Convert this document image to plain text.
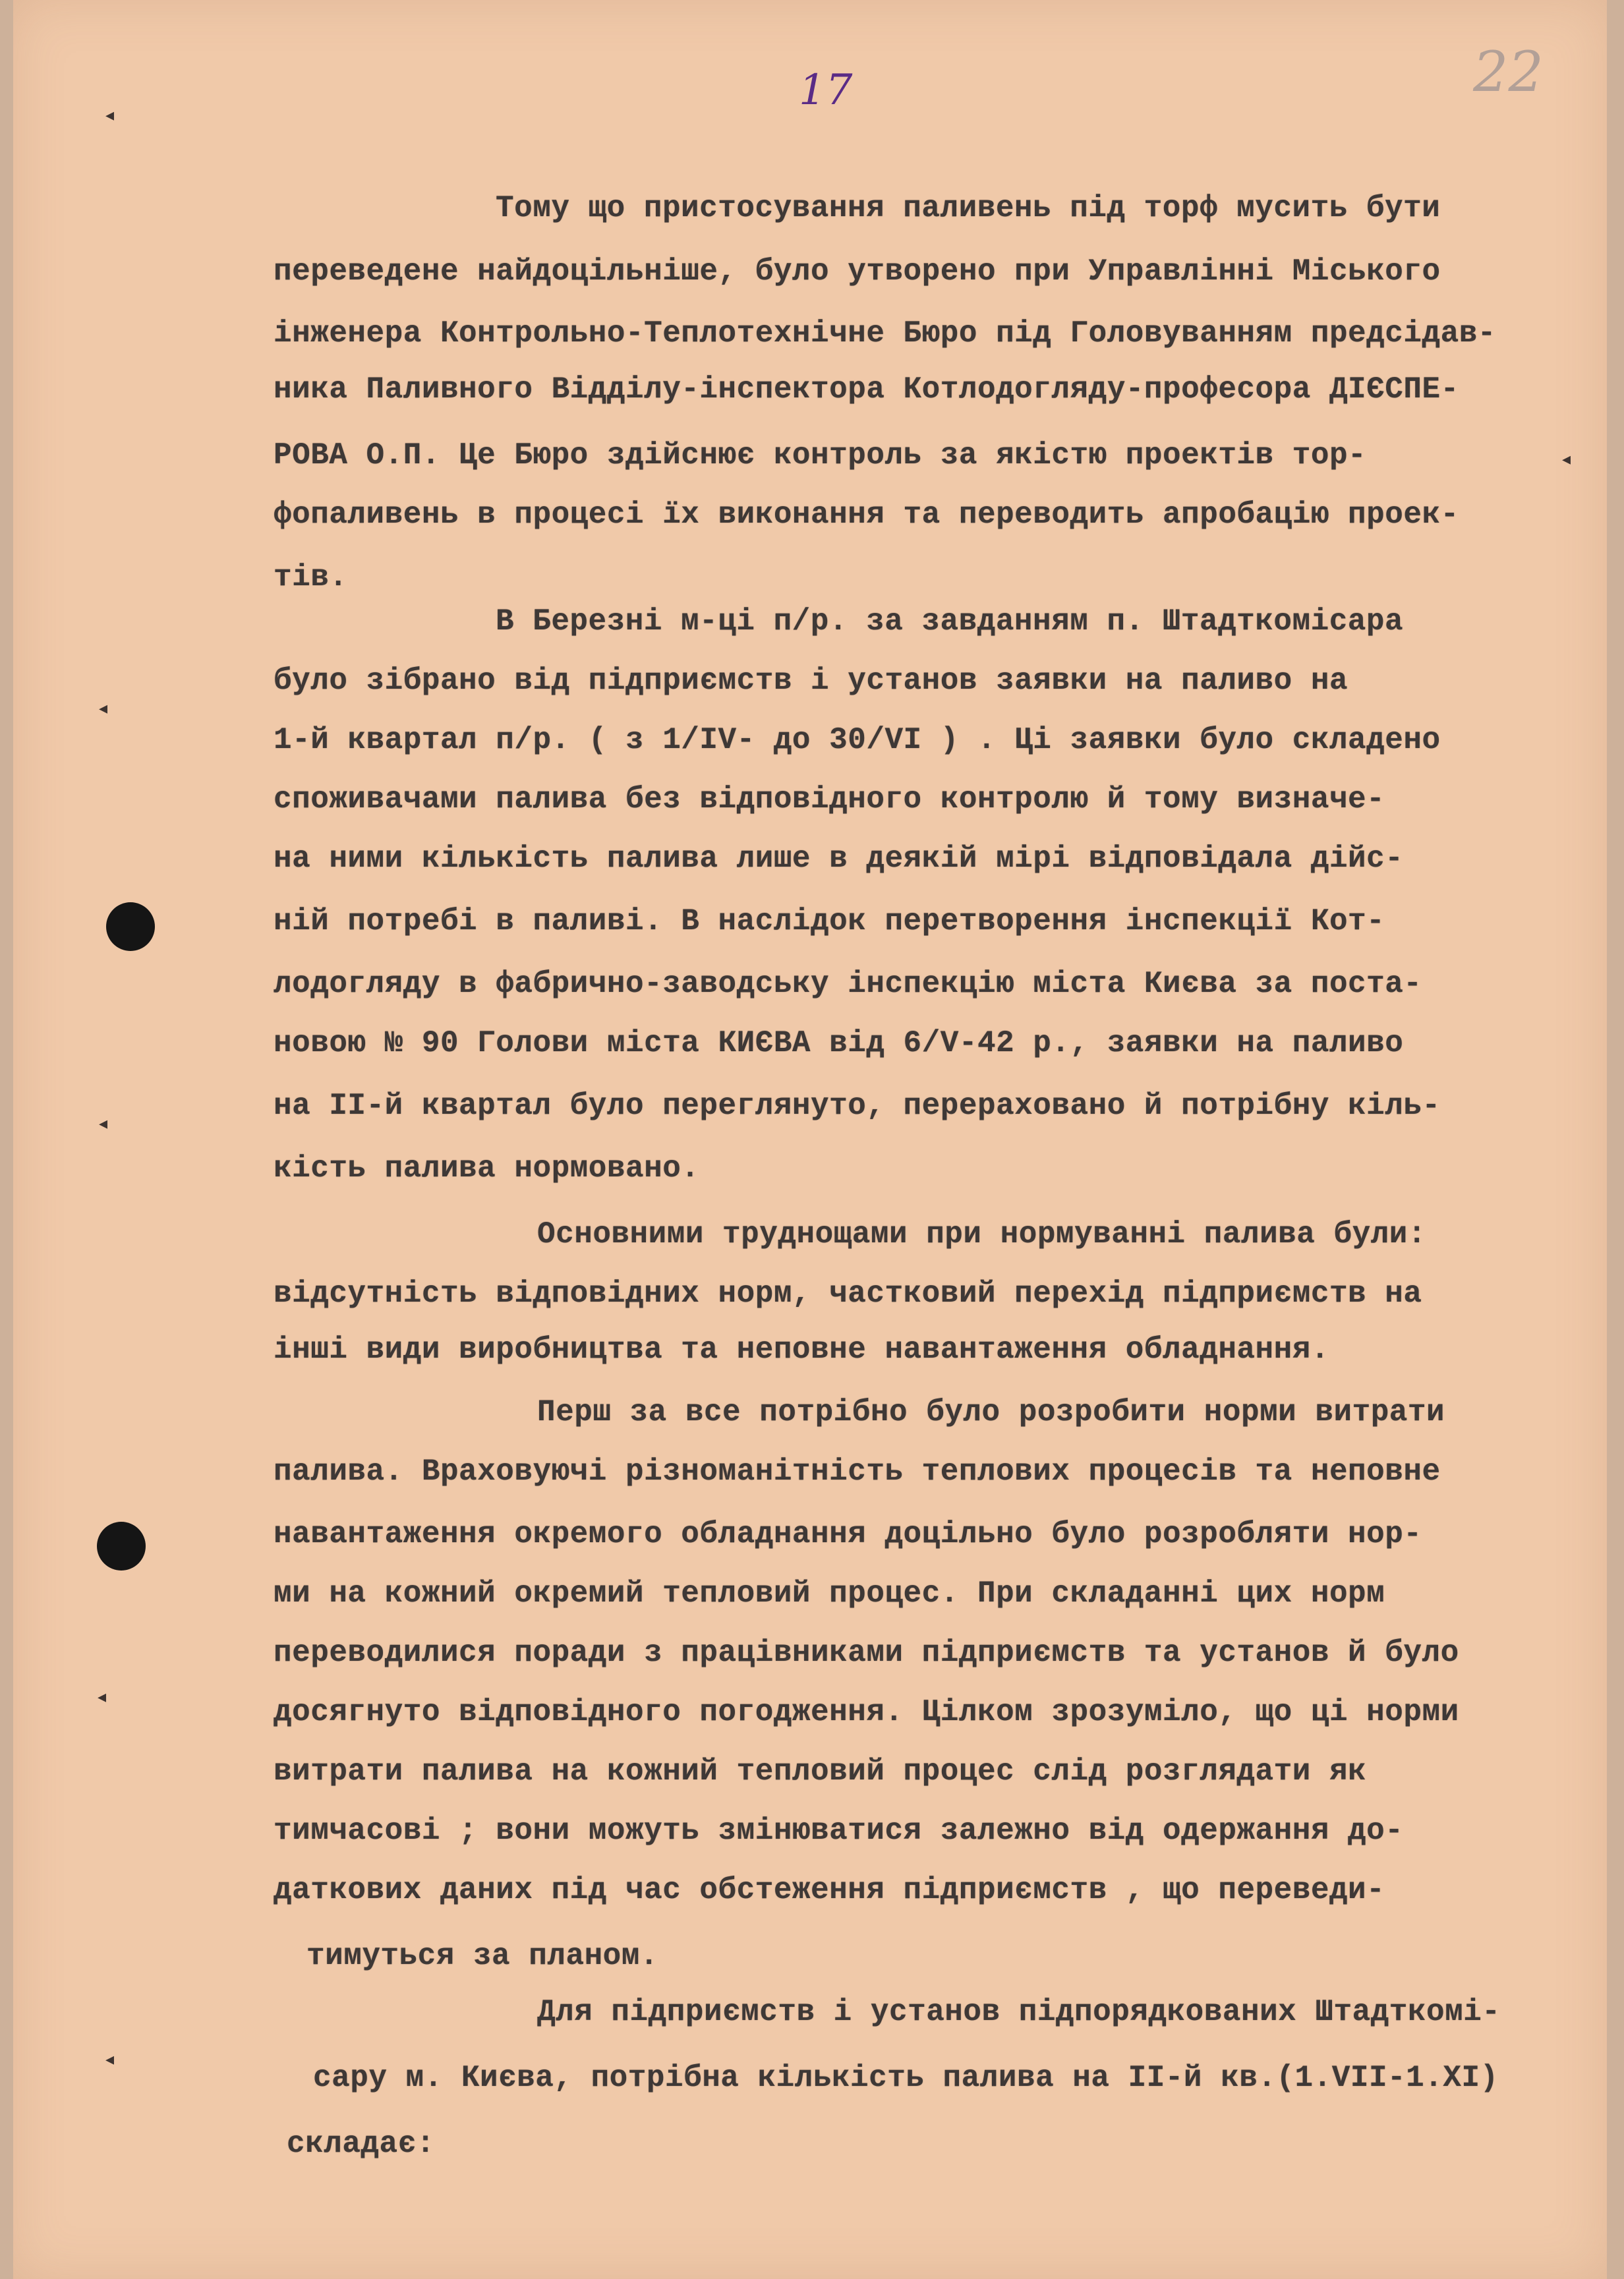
◂
◂
◂
◂
◂
◂
17	22

Тому що пристосування паливень під торф мусить бути

переведене найдоцільніше, було утворено при Управлінні Міського

інженера Контрольно-Теплотехнічне Бюро під Головуванням предсідав-

ника Паливного Відділу-інспектора Котлодогляду-професора ДІЄСПЕ-

РОВА О.П. Це Бюро здійснює контроль за якістю проектів тор-

фопаливень в процесі їх виконання та переводить апробацію проек-

тів.

В Березні м-ці п/р. за завданням п. Штадткомісара

було зібрано від підприємств і установ заявки на паливо на

1-й квартал п/р. ( з 1/IV- до 30/VI ) . Ці заявки було складено

споживачами палива без відповідного контролю й тому визначе-

на ними кількість палива лише в деякій мірі відповідала дійс-

ній потребі в паливі. В наслідок перетворення інспекції Кот-

лодогляду в фабрично-заводську інспекцію міста Києва за поста-

новою № 90 Голови міста КИЄВА від 6/V-42 р., заявки на паливо

на ІІ-й квартал було переглянуто, перераховано й потрібну кіль-

кість палива нормовано.

Основними труднощами при нормуванні палива були:

відсутність відповідних норм, частковий перехід підприємств на

інші види виробництва та неповне навантаження обладнання.

Перш за все потрібно було розробити норми витрати

палива. Враховуючі різноманітність теплових процесів та неповне

навантаження окремого обладнання доцільно було розробляти нор-

ми на кожний окремий тепловий процес. При складанні цих норм

переводилися поради з працівниками підприємств та установ й було

досягнуто відповідного погодження. Цілком зрозуміло, що ці норми

витрати палива на кожний тепловий процес слід розглядати як

тимчасові ; вони можуть змінюватися залежно від одержання до-

даткових даних під час обстеження підприємств , що переведи-

тимуться за планом.

Для підприємств і установ підпорядкованих Штадткомі-

сару м. Києва, потрібна кількість палива на ІІ-й кв.(1.VII-1.XI)

складає:
